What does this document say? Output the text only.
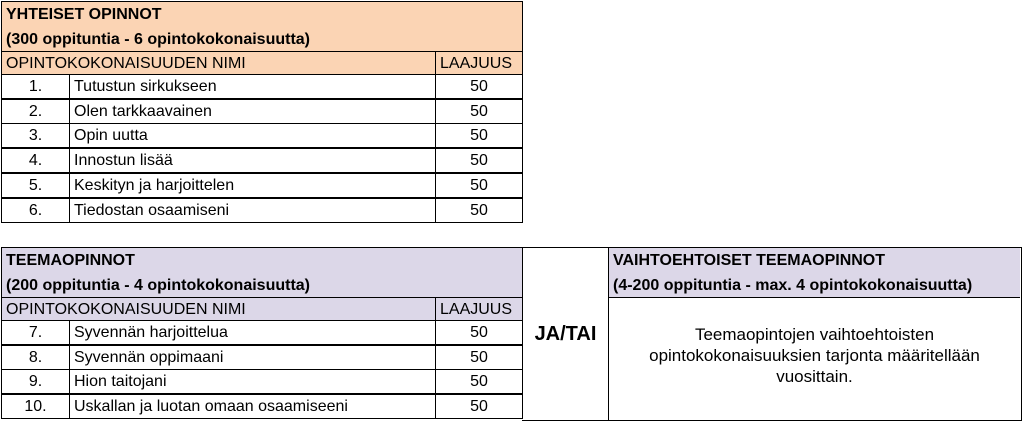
YHTEISET OPINNOT
(300 oppituntia - 6 opintokokonaisuutta)
OPINTOKOKONAISUUDEN NIMI	LAAJUUS
1.	Tutustun sirkukseen	50
2.	Olen tarkkaavainen	50
3.	Opin uutta	50
4.	Innostun lisää	50
5.	Keskityn ja harjoittelen	50
6.	Tiedostan osaamiseni	50
TEEMAOPINNOT
(200 oppituntia - 4 opintokokonaisuutta)
OPINTOKOKONAISUUDEN NIMI	LAAJUUS
7.	Syvennän harjoittelua	50
8.	Syvennän oppimaani	50
9.	Hion taitojani	50
10.	Uskallan ja luotan omaan osaamiseeni	50
JA/TAI
VAIHTOEHTOISET TEEMAOPINNOT
(4-200 oppituntia - max. 4 opintokokonaisuutta)
Teemaopintojen vaihtoehtoisten opintokokonaisuuksien tarjonta määritellään vuosittain.
